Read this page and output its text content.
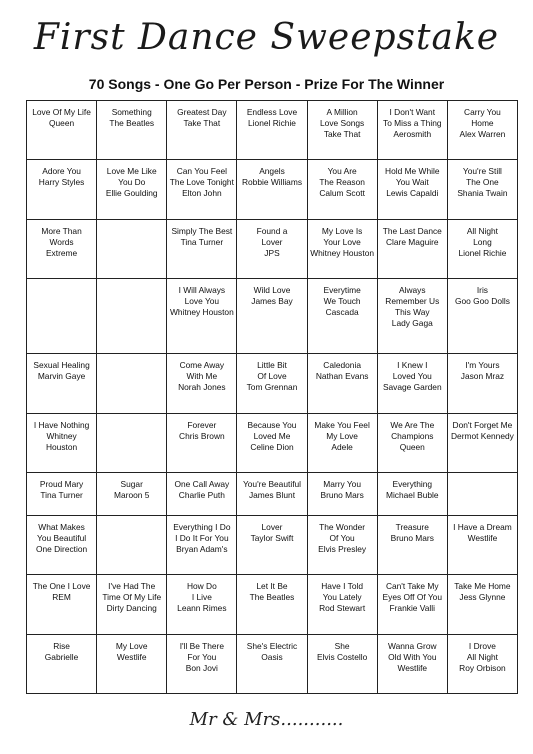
First Dance Sweepstake
70 Songs - One Go Per Person - Prize For The Winner
Love Of My Life
Queen	Something
The Beatles	Greatest Day
Take That	Endless Love
Lionel Richie	A Million
Love Songs
Take That	I Don't Want
To Miss a Thing
Aerosmith	Carry You
Home
Alex Warren

Adore You
Harry Styles	Love Me Like
You Do
Ellie Goulding	Can You Feel
The Love Tonight
Elton John	Angels
Robbie Williams	You Are
The Reason
Calum Scott	Hold Me While
You Wait
Lewis Capaldi	You're Still
The One
Shania Twain

More Than
Words
Extreme		Simply The Best
Tina Turner	Found a
Lover
JPS	My Love Is
Your Love
Whitney Houston	The Last Dance
Clare Maguire	All Night
Long
Lionel Richie

		I Will Always
Love You
Whitney Houston	Wild Love
James Bay	Everytime
We Touch
Cascada	Always
Remember Us
This Way
Lady Gaga	Iris
Goo Goo Dolls

Sexual Healing
Marvin Gaye		Come Away
With Me
Norah Jones	Little Bit
Of Love
Tom Grennan	Caledonia
Nathan Evans	I Knew I
Loved You
Savage Garden	I'm Yours
Jason Mraz

I Have Nothing
Whitney
Houston		Forever
Chris Brown	Because You
Loved Me
Celine Dion	Make You Feel
My Love
Adele	We Are The
Champions
Queen	Don't Forget Me
Dermot Kennedy

Proud Mary
Tina Turner	Sugar
Maroon 5	One Call Away
Charlie Puth	You're Beautiful
James Blunt	Marry You
Bruno Mars	Everything
Michael Buble	

What Makes
You Beautiful
One Direction		Everything I Do
I Do It For You
Bryan Adam's	Lover
Taylor Swift	The Wonder
Of You
Elvis Presley	Treasure
Bruno Mars	I Have a Dream
Westlife

The One I Love
REM	I've Had The
Time Of My Life
Dirty Dancing	How Do
I Live
Leann Rimes	Let It Be
The Beatles	Have I Told
You Lately
Rod Stewart	Can't Take My
Eyes Off Of You
Frankie Valli	Take Me Home
Jess Glynne

Rise
Gabrielle	My Love
Westlife	I'll Be There
For You
Bon Jovi	She's Electric
Oasis	She
Elvis Costello	Wanna Grow
Old With You
Westlife	I Drove
All Night
Roy Orbison
Mr & Mrs...........
